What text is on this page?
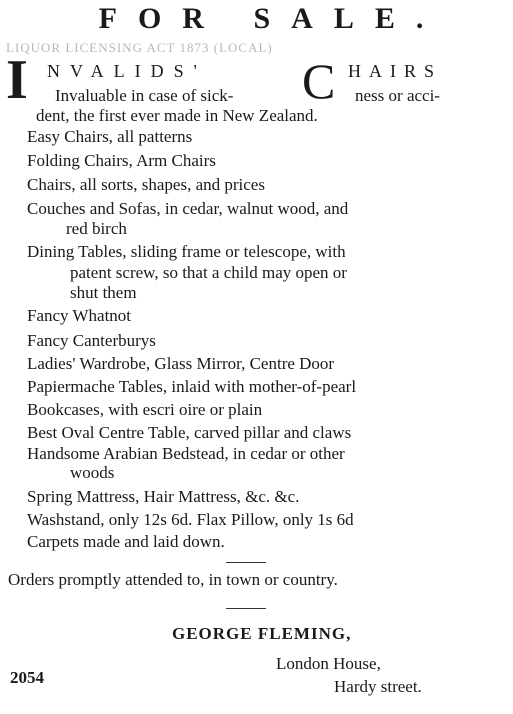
FOR SALE.
LIQUOR LICENSING ACT 1873 (LOCAL)
I NVALIDS' C HAIRS
Invaluable in case of sick-	ness or acci-
dent, the first ever made in New Zealand.
Easy Chairs, all patterns
Folding Chairs, Arm Chairs
Chairs, all sorts, shapes, and prices
Couches and Sofas, in cedar, walnut wood, and
red birch
Dining Tables, sliding frame or telescope, with
patent screw, so that a child may open or
shut them
Fancy Whatnot
Fancy Canterburys
Ladies' Wardrobe, Glass Mirror, Centre Door
Papiermache Tables, inlaid with mother-of-pearl
Bookcases, with escri oire or plain
Best Oval Centre Table, carved pillar and claws
Handsome Arabian Bedstead, in cedar or other
woods
Spring Mattress, Hair Mattress, &c. &c.
Washstand, only 12s 6d. Flax Pillow, only 1s 6d
Carpets made and laid down.
Orders promptly attended to, in town or country.
GEORGE FLEMING,
London House,
Hardy street.
2054
